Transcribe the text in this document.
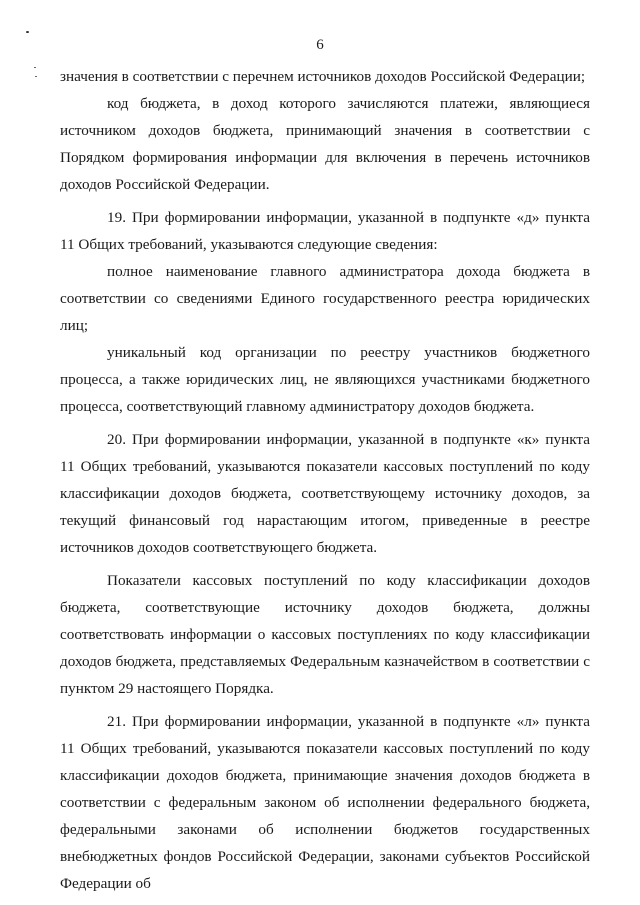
6

значения в соответствии с перечнем источников доходов Российской Федерации;

код бюджета, в доход которого зачисляются платежи, являющиеся источником доходов бюджета, принимающий значения в соответствии с Порядком формирования информации для включения в перечень источников доходов Российской Федерации.

19. При формировании информации, указанной в подпункте «д» пункта 11 Общих требований, указываются следующие сведения:

полное наименование главного администратора дохода бюджета в соответствии со сведениями Единого государственного реестра юридических лиц;

уникальный код организации по реестру участников бюджетного процесса, а также юридических лиц, не являющихся участниками бюджетного процесса, соответствующий главному администратору доходов бюджета.

20. При формировании информации, указанной в подпункте «к» пункта 11 Общих требований, указываются показатели кассовых поступлений по коду классификации доходов бюджета, соответствующему источнику доходов, за текущий финансовый год нарастающим итогом, приведенные в реестре источников доходов соответствующего бюджета.

Показатели кассовых поступлений по коду классификации доходов бюджета, соответствующие источнику доходов бюджета, должны соответствовать информации о кассовых поступлениях по коду классификации доходов бюджета, представляемых Федеральным казначейством в соответствии с пунктом 29 настоящего Порядка.

21. При формировании информации, указанной в подпункте «л» пункта 11 Общих требований, указываются показатели кассовых поступлений по коду классификации доходов бюджета, принимающие значения доходов бюджета в соответствии с федеральным законом об исполнении федерального бюджета, федеральными законами об исполнении бюджетов государственных внебюджетных фондов Российской Федерации, законами субъектов Российской Федерации об
